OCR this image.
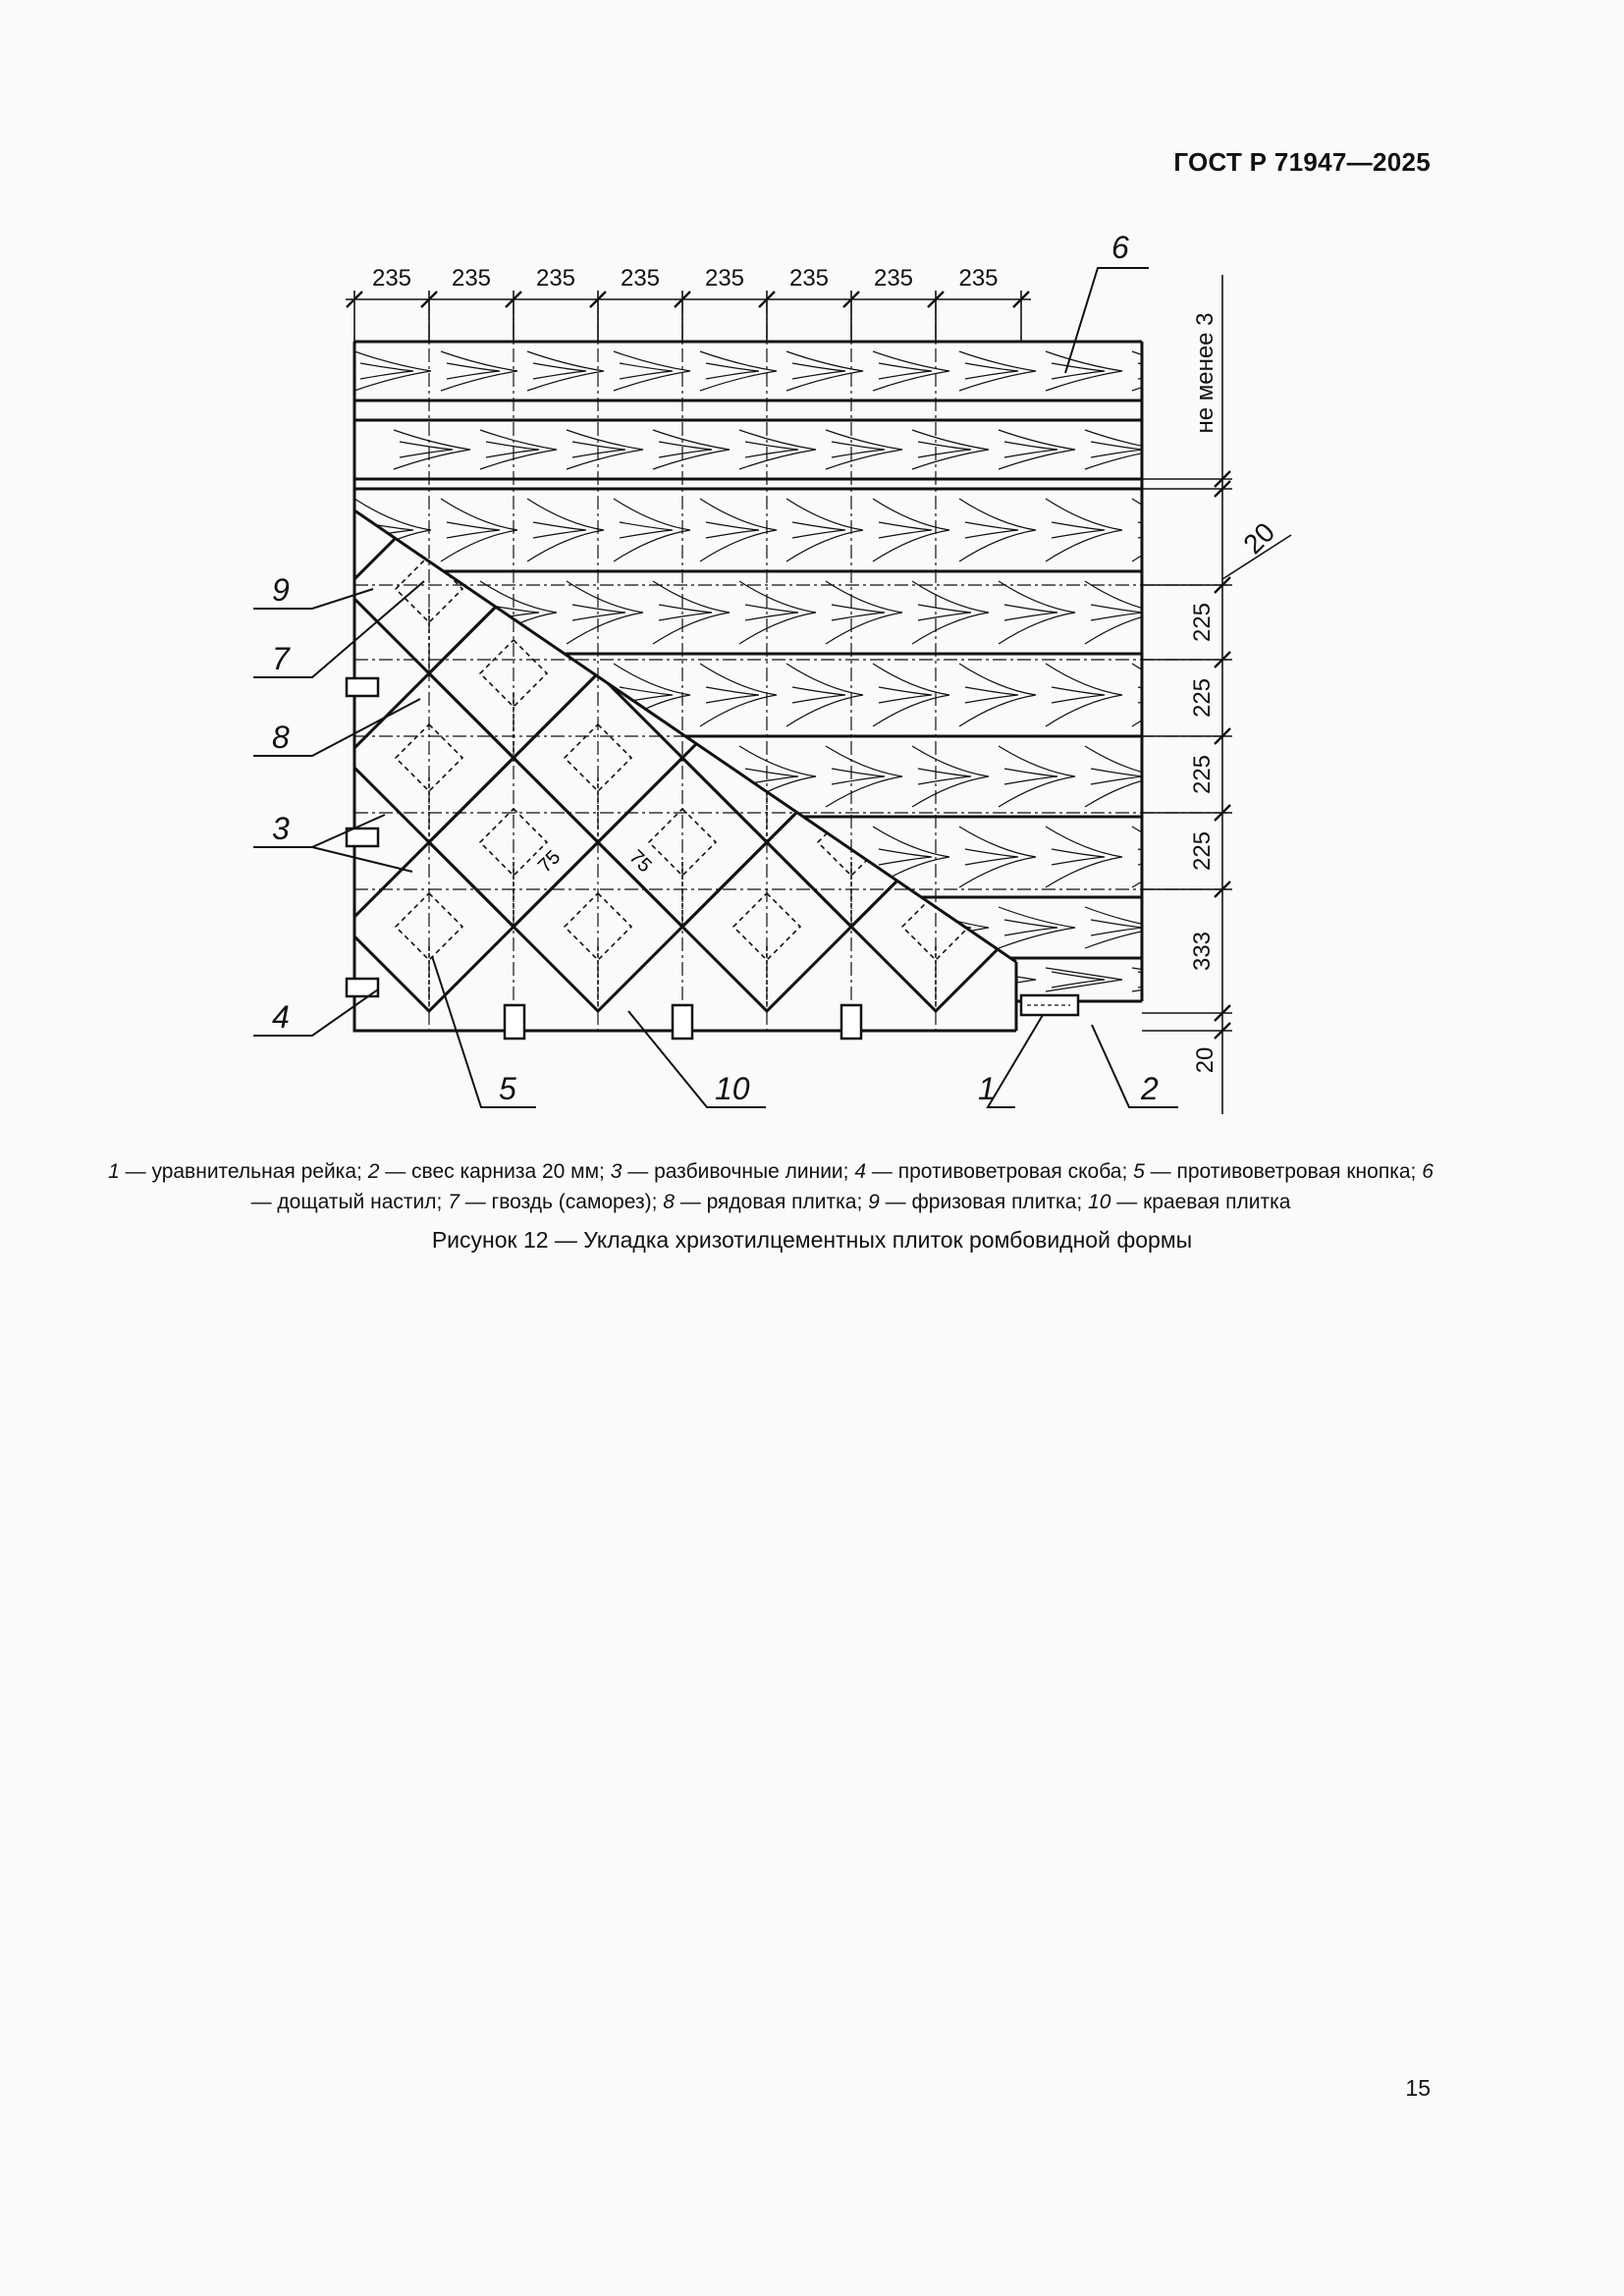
ГОСТ Р 71947—2025
235 235 235 235 235 235 235 235
225
225
225
225
333
не менее 3
20
20
75	75
6
9
7
8
3
4
5	10	1	2
1 — уравнительная рейка; 2 — свес карниза 20 мм; 3 — разбивочные линии; 4 — противоветровая скоба; 5 — противоветровая кнопка; 6 — дощатый настил; 7 — гвоздь (саморез); 8 — рядовая плитка; 9 — фризовая плитка; 10 — краевая плитка
Рисунок 12 — Укладка хризотилцементных плиток ромбовидной формы
15
